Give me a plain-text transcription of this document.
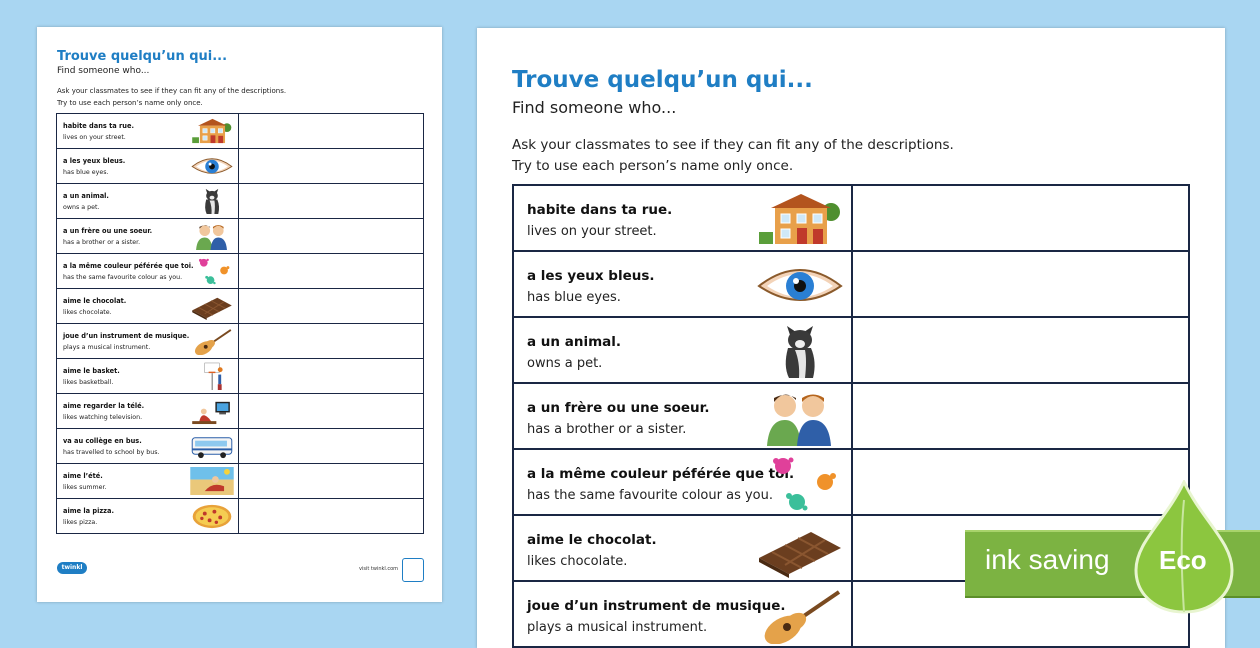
Trouve quelqu’un qui...
Find someone who...
Ask your classmates to see if they can fit any of the descriptions.
Try to use each person’s name only once.
habite dans ta rue.
lives on your street.	

a les yeux bleus.
has blue eyes.	

a un animal.
owns a pet.	

a un frère ou une soeur.
has a brother or a sister.	

a la même couleur péférée que toi.
has the same favourite colour as you.	

aime le chocolat.
likes chocolate.	

joue d’un instrument de musique.
plays a musical instrument.	

aime le basket.
likes basketball.	

aime regarder la télé.
likes watching television.	

va au collège en bus.
has travelled to school by bus.	

aime l’été.
likes summer.	

aime la pizza.
likes pizza.	

twinkl	visit twinkl.com
Trouve quelqu’un qui...
Find someone who...
Ask your classmates to see if they can fit any of the descriptions.
Try to use each person’s name only once.
habite dans ta rue.
lives on your street.	

a les yeux bleus.
has blue eyes.	

a un animal.
owns a pet.	

a un frère ou une soeur.
has a brother or a sister.	

a la même couleur péférée que toi.
has the same favourite colour as you.	

aime le chocolat.
likes chocolate.	

joue d’un instrument de musique.
plays a musical instrument.	

ink saving Eco
